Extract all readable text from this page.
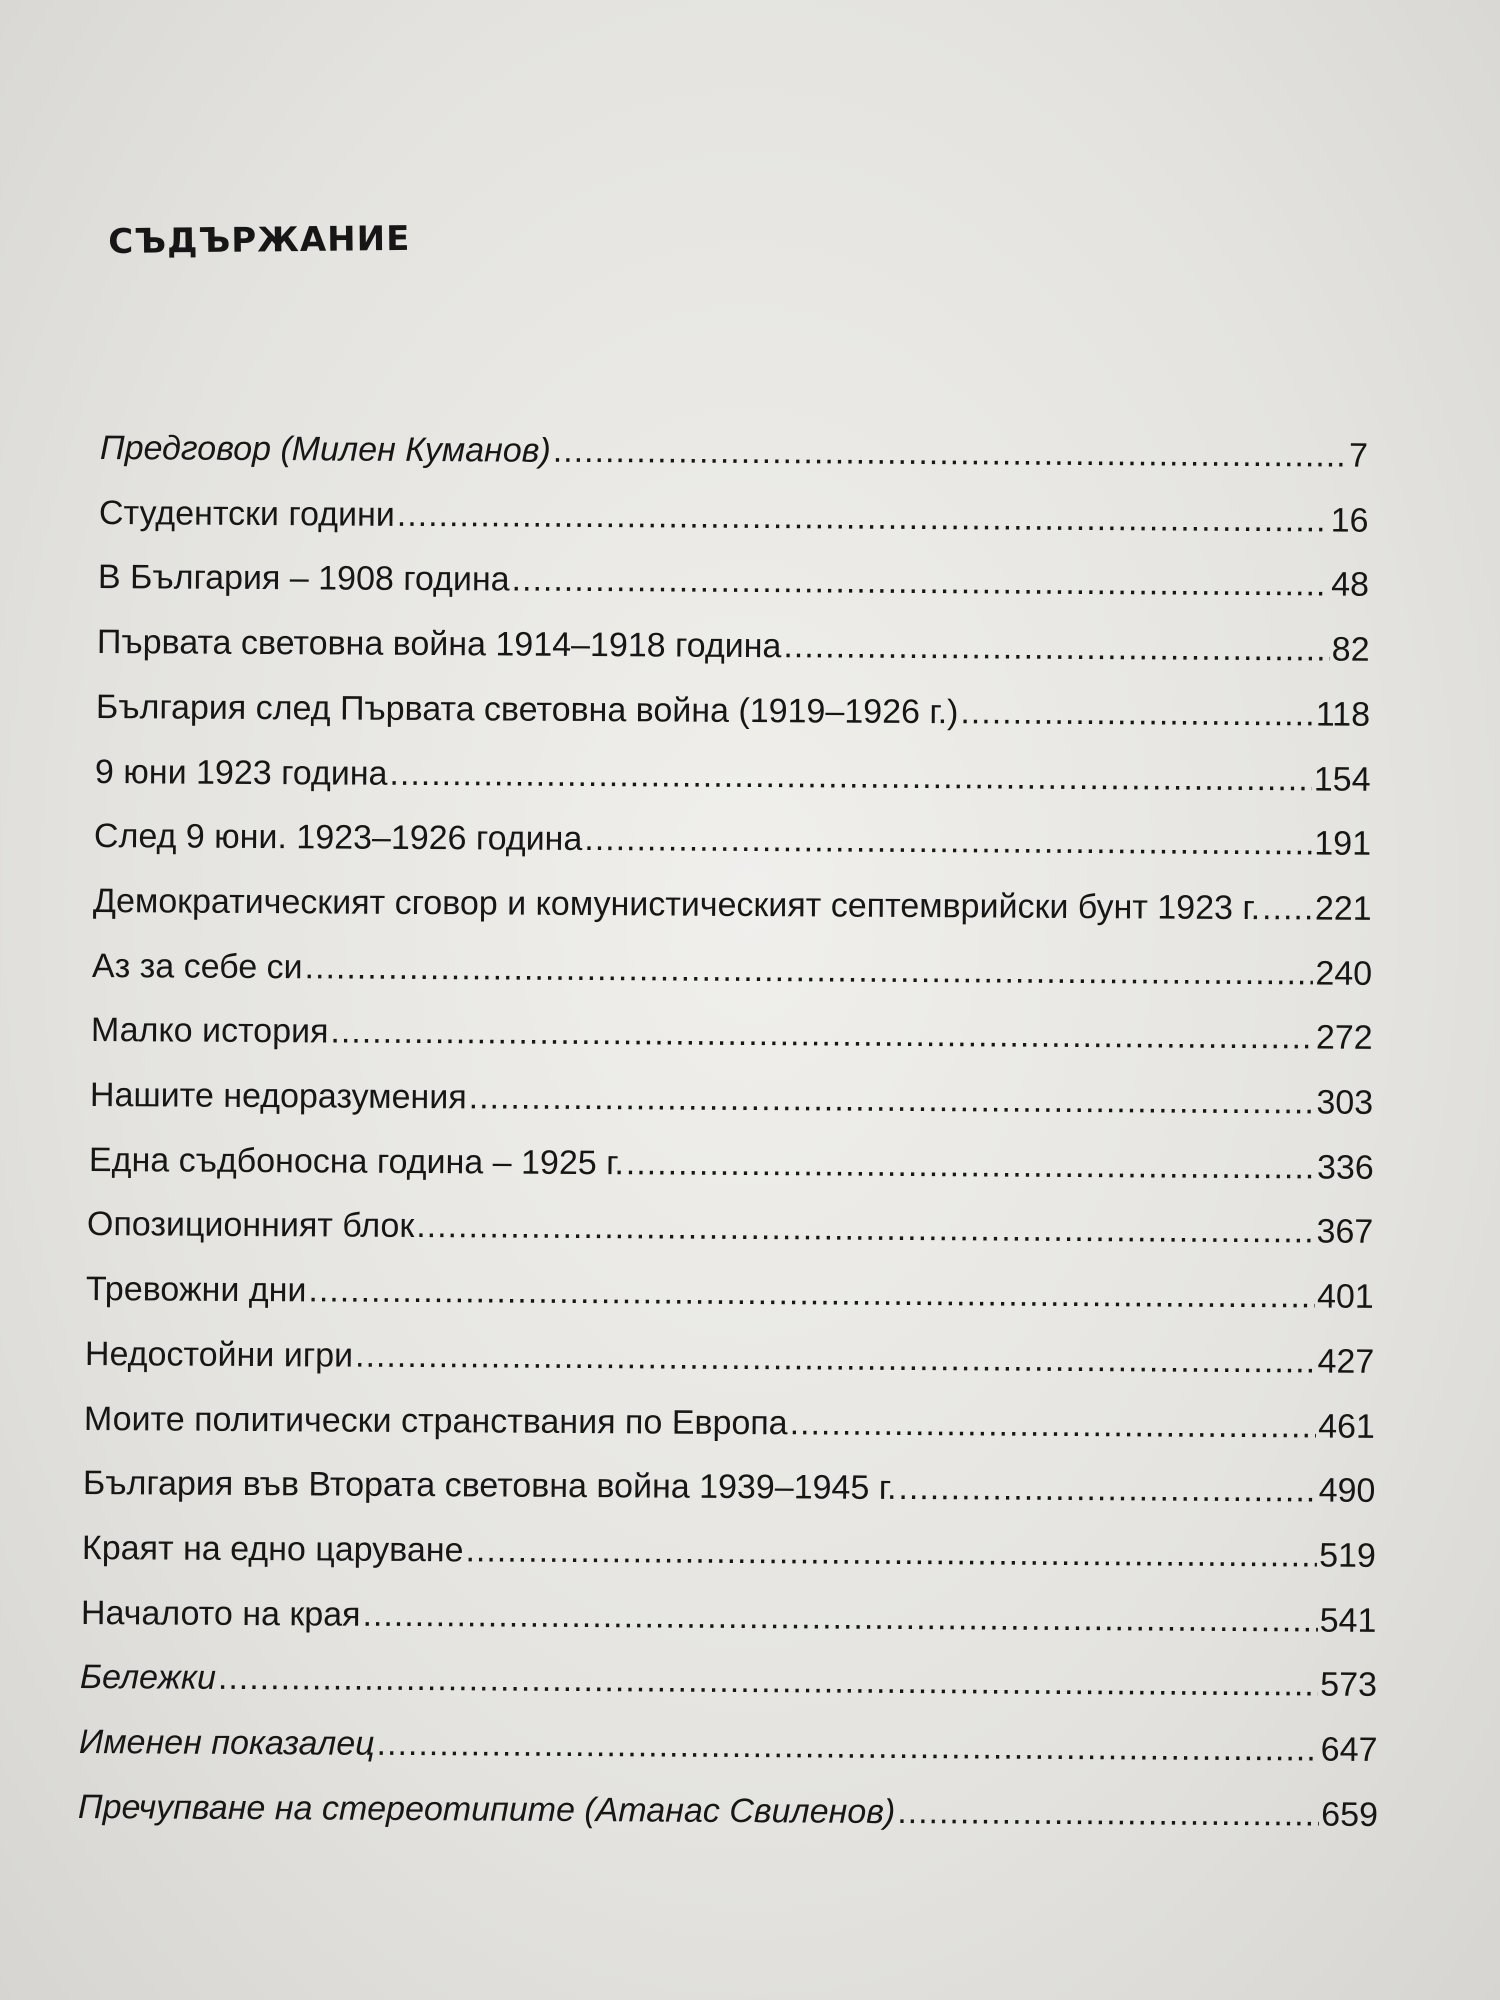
СЪДЪРЖАНИЕ
Предговор (Милен Куманов) .....	7
Студентски години .....	16
В България – 1908 година .....	48
Първата световна война 1914–1918 година .....	82
България след Първата световна война (1919–1926 г.) .....	118
9 юни 1923 година .....	154
След 9 юни. 1923–1926 година .....	191
Демократическият сговор и комунистическият септемврийски бунт 1923 г. ..... 221
Аз за себе си .....	240
Малко история .....	272
Нашите недоразумения .....	303
Една съдбоносна година – 1925 г. .....	336
Опозиционният блок .....	367
Тревожни дни .....	401
Недостойни игри .....	427
Моите политически странствания по Европа .....	461
България във Втората световна война 1939–1945 г. .....	490
Краят на едно царуване .....	519
Началото на края .....	541
Бележки .....	573
Именен показалец .....	647
Пречупване на стереотипите (Атанас Свиленов) .....	659
